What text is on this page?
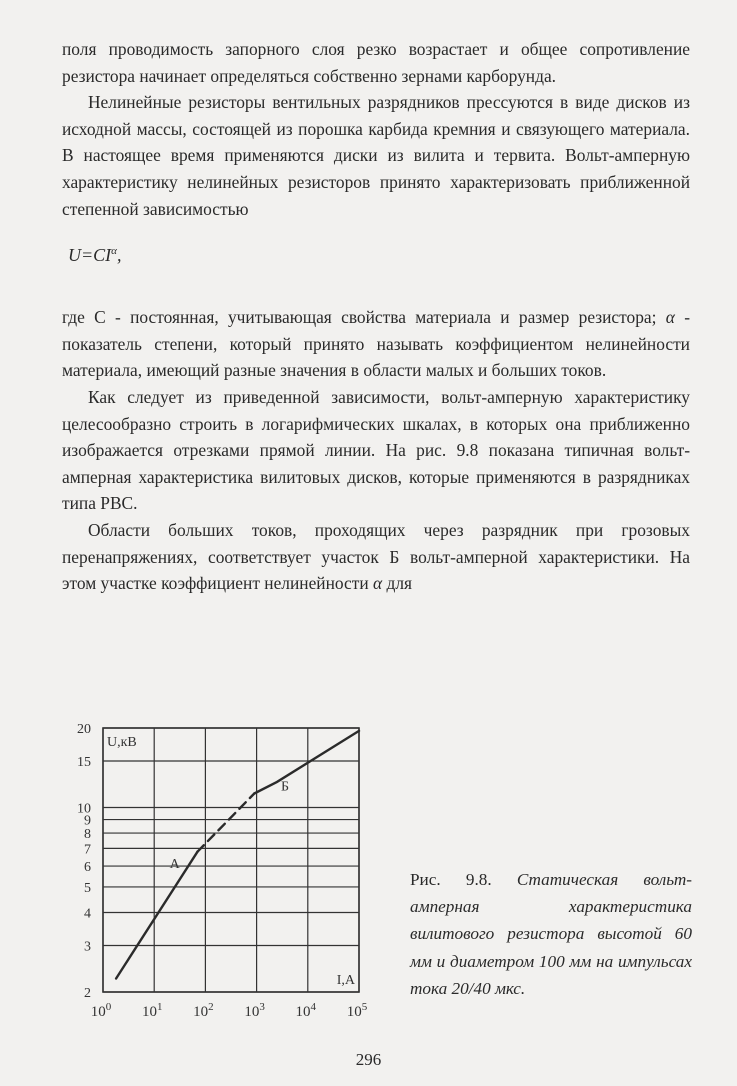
поля проводимость запорного слоя резко возрастает и общее сопротивление резистора начинает определяться собственно зернами карборунда.

Нелинейные резисторы вентильных разрядников прессуются в виде дисков из исходной массы, состоящей из порошка карбида кремния и связующего материала. В настоящее время применяются диски из вилита и тервита. Вольт-амперную характеристику нелинейных резисторов принято характеризовать приближенной степенной зависимостью

$U=CI^\alpha$,

где С - постоянная, учитывающая свойства материала и размер резистора; α - показатель степени, который принято называть коэффициентом нелинейности материала, имеющий разные значения в области малых и больших токов.

Как следует из приведенной зависимости, вольт-амперную характеристику целесообразно строить в логарифмических шкалах, в которых она приближенно изображается отрезками прямой линии. На рис. 9.8 показана типичная вольт-амперная характеристика вилитовых дисков, которые применяются в разрядниках типа РВС.

Области больших токов, проходящих через разрядник при грозовых перенапряжениях, соответствует участок Б вольт-амперной характеристики. На этом участке коэффициент нелинейности α для

2
3
4
5
6
7
8
9
10
15
20
$10^0$ $10^1$ $10^2$ $10^3$ $10^4$ $10^5$
U,кВ
I,A
А
Б
Рис. 9.8. Статическая вольт-амперная характеристика вилитового резистора высотой 60 мм и диаметром 100 мм на импульсах тока 20/40 мкс.
296
